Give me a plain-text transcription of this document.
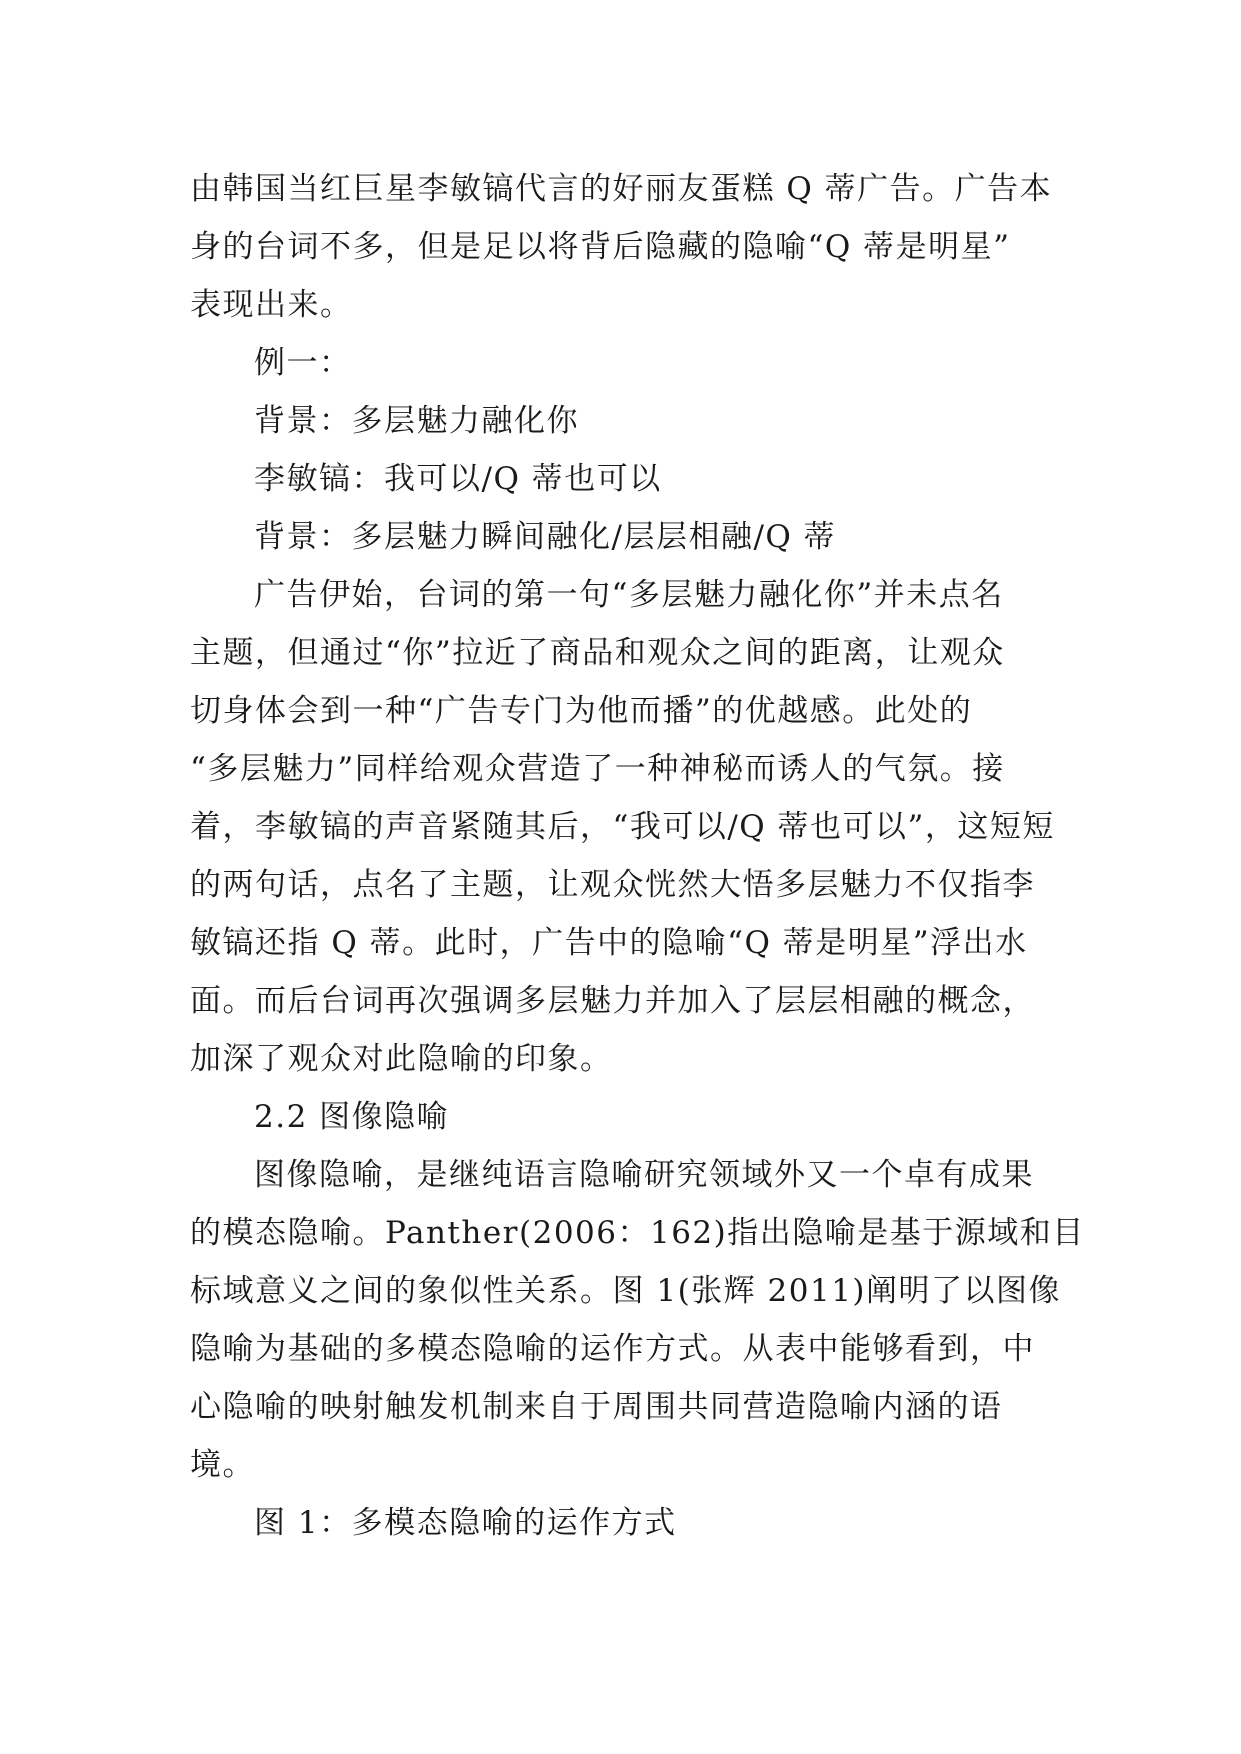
由韩国当红巨星李敏镐代言的好丽友蛋糕 Q 蒂广告。广告本
身的台词不多，但是足以将背后隐藏的隐喻“Q 蒂是明星”
表现出来。
例一：
背景：多层魅力融化你
李敏镐：我可以/Q 蒂也可以
背景：多层魅力瞬间融化/层层相融/Q 蒂
广告伊始，台词的第一句“多层魅力融化你”并未点名
主题，但通过“你”拉近了商品和观众之间的距离，让观众
切身体会到一种“广告专门为他而播”的优越感。此处的
“多层魅力”同样给观众营造了一种神秘而诱人的气氛。接
着，李敏镐的声音紧随其后，“我可以/Q 蒂也可以”，这短短
的两句话，点名了主题，让观众恍然大悟多层魅力不仅指李
敏镐还指 Q 蒂。此时，广告中的隐喻“Q 蒂是明星”浮出水
面。而后台词再次强调多层魅力并加入了层层相融的概念，
加深了观众对此隐喻的印象。
2.2 图像隐喻
图像隐喻，是继纯语言隐喻研究领域外又一个卓有成果
的模态隐喻。Panther(2006：162)指出隐喻是基于源域和目
标域意义之间的象似性关系。图 1(张辉 2011)阐明了以图像
隐喻为基础的多模态隐喻的运作方式。从表中能够看到，中
心隐喻的映射触发机制来自于周围共同营造隐喻内涵的语
境。
图 1：多模态隐喻的运作方式
